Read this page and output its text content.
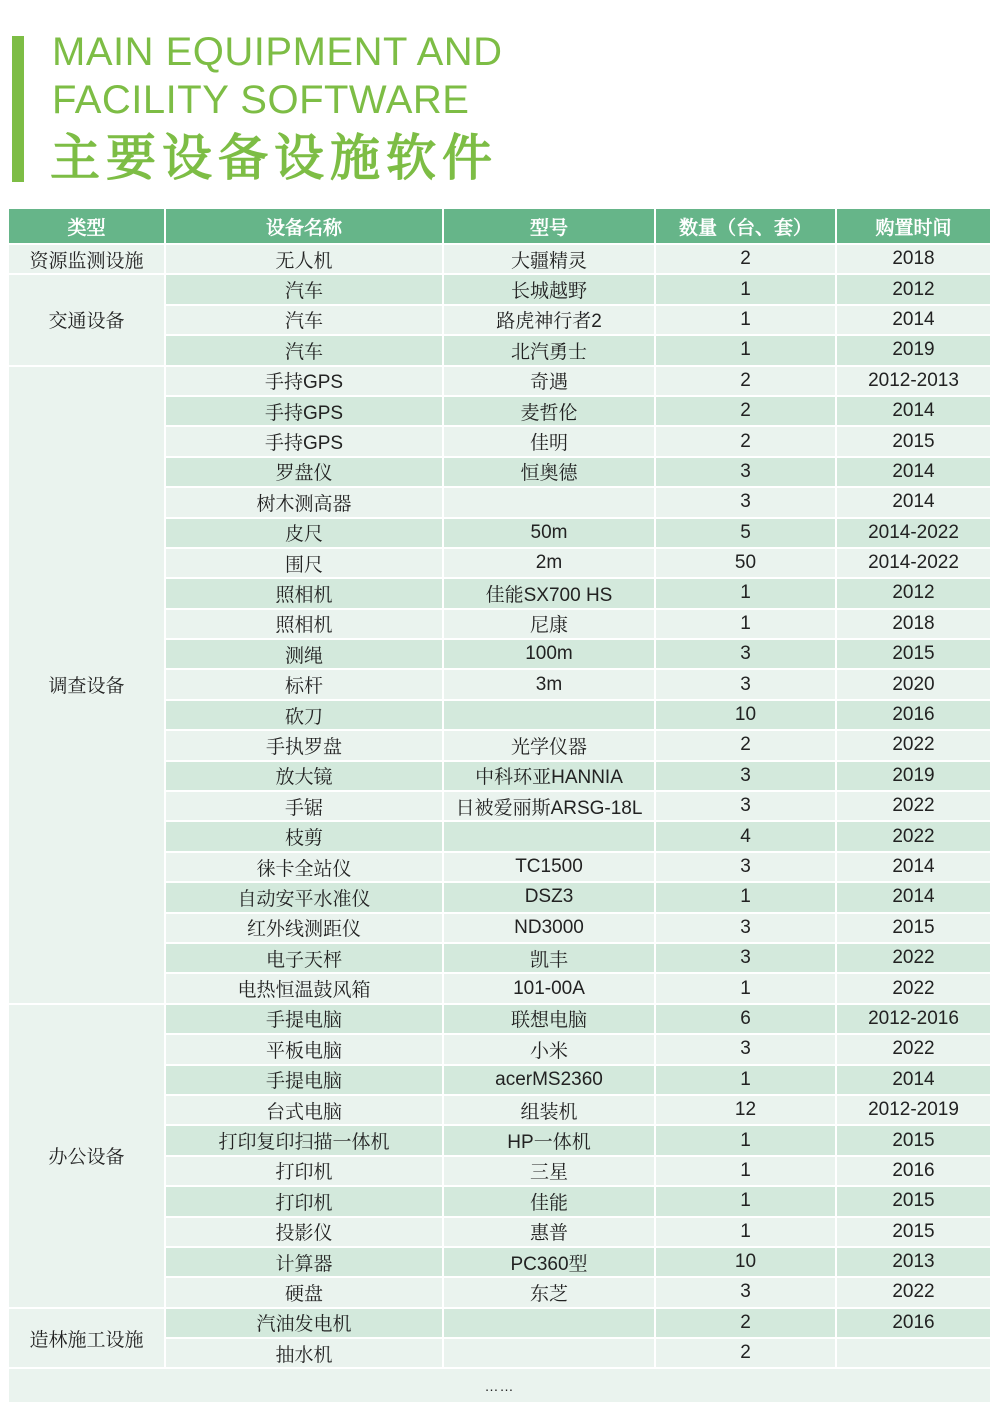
MAIN EQUIPMENT AND
FACILITY SOFTWARE
主要设备设施软件
类型	设备名称	型号	数量（台、套）	购置时间
资源监测设施	无人机	大疆精灵	2	2018
交通设备	汽车	长城越野	1	2012
	汽车	路虎神行者2	1	2014
	汽车	北汽勇士	1	2019
调查设备	手持GPS	奇遇	2	2012-2013
	手持GPS	麦哲伦	2	2014
	手持GPS	佳明	2	2015
	罗盘仪	恒奥德	3	2014
	树木测高器		3	2014
	皮尺	50m	5	2014-2022
	围尺	2m	50	2014-2022
	照相机	佳能SX700 HS	1	2012
	照相机	尼康	1	2018
	测绳	100m	3	2015
	标杆	3m	3	2020
	砍刀		10	2016
	手执罗盘	光学仪器	2	2022
	放大镜	中科环亚HANNIA	3	2019
	手锯	日被爱丽斯ARSG-18L	3	2022
	枝剪		4	2022
	徕卡全站仪	TC1500	3	2014
	自动安平水准仪	DSZ3	1	2014
	红外线测距仪	ND3000	3	2015
	电子天枰	凯丰	3	2022
	电热恒温鼓风箱	101-00A	1	2022
办公设备	手提电脑	联想电脑	6	2012-2016
	平板电脑	小米	3	2022
	手提电脑	acerMS2360	1	2014
	台式电脑	组装机	12	2012-2019
	打印复印扫描一体机	HP一体机	1	2015
	打印机	三星	1	2016
	打印机	佳能	1	2015
	投影仪	惠普	1	2015
	计算器	PC360型	10	2013
	硬盘	东芝	3	2022
造林施工设施	汽油发电机		2	2016
	抽水机		2	
……				
